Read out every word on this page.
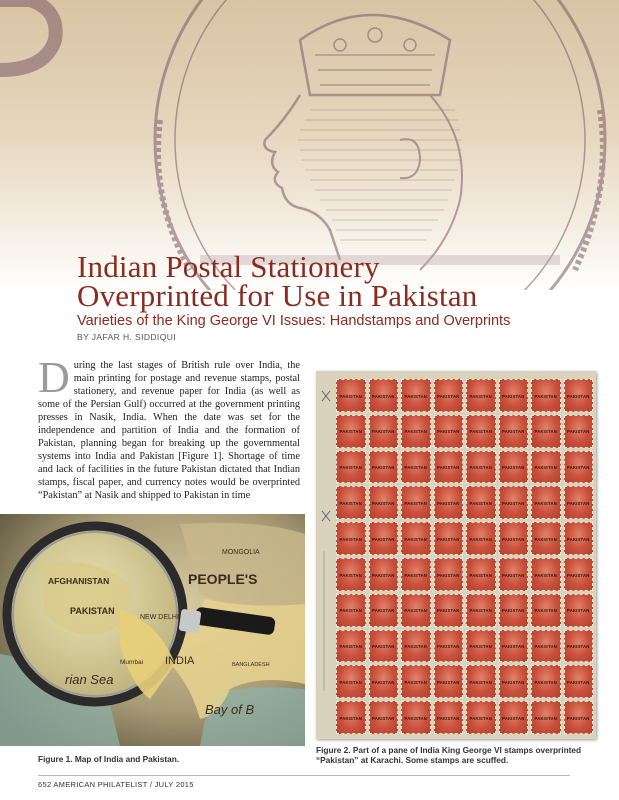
Indian Postal Stationery
Overprinted for Use in Pakistan

Varieties of the King George VI Issues: Handstamps and Overprints

BY JAFAR H. SIDDIQUI

D uring the last stages of British rule over India, the main printing for postage and revenue stamps, postal stationery, and revenue paper for India (as well as some of the Persian Gulf) occurred at the government printing presses in Nasik, India. When the date was set for the independence and partition of India and the formation of Pakistan, planning began for breaking up the governmental systems into India and Pakistan [Figure 1]. Shortage of time and lack of facilities in the future Pakistan dictated that Indian stamps, fiscal paper, and currency notes would be overprinted “Pakistan” at Nasik and shipped to Pakistan in time
MONGOLIA
PEOPLE'S
AFGHANISTAN
PAKISTAN
NEW DELHI
INDIA
Mumbai	BANGLADESH
Bay of B
rian Sea

Figure 1. Map of India and Pakistan.

PAKISTAN
PAKISTAN
PAKISTAN
PAKISTAN
PAKISTAN
PAKISTAN
PAKISTAN
PAKISTAN
PAKISTAN
PAKISTAN
PAKISTAN
PAKISTAN
PAKISTAN
PAKISTAN
PAKISTAN
PAKISTAN
PAKISTAN
PAKISTAN
PAKISTAN
PAKISTAN
PAKISTAN
PAKISTAN
PAKISTAN
PAKISTAN
PAKISTAN
PAKISTAN
PAKISTAN
PAKISTAN
PAKISTAN
PAKISTAN
PAKISTAN
PAKISTAN
PAKISTAN
PAKISTAN
PAKISTAN
PAKISTAN
PAKISTAN
PAKISTAN
PAKISTAN
PAKISTAN
PAKISTAN
PAKISTAN
PAKISTAN
PAKISTAN
PAKISTAN
PAKISTAN
PAKISTAN
PAKISTAN
PAKISTAN
PAKISTAN
PAKISTAN
PAKISTAN
PAKISTAN
PAKISTAN
PAKISTAN
PAKISTAN
PAKISTAN
PAKISTAN
PAKISTAN
PAKISTAN
PAKISTAN
PAKISTAN
PAKISTAN
PAKISTAN
PAKISTAN
PAKISTAN
PAKISTAN
PAKISTAN
PAKISTAN
PAKISTAN
PAKISTAN
PAKISTAN
PAKISTAN
PAKISTAN
PAKISTAN
PAKISTAN
PAKISTAN
PAKISTAN
PAKISTAN
PAKISTAN

Figure 2. Part of a pane of India King George VI stamps overprinted “Pakistan” at Karachi. Some stamps are scuffed.

652 AMERICAN PHILATELIST / JULY 2015
